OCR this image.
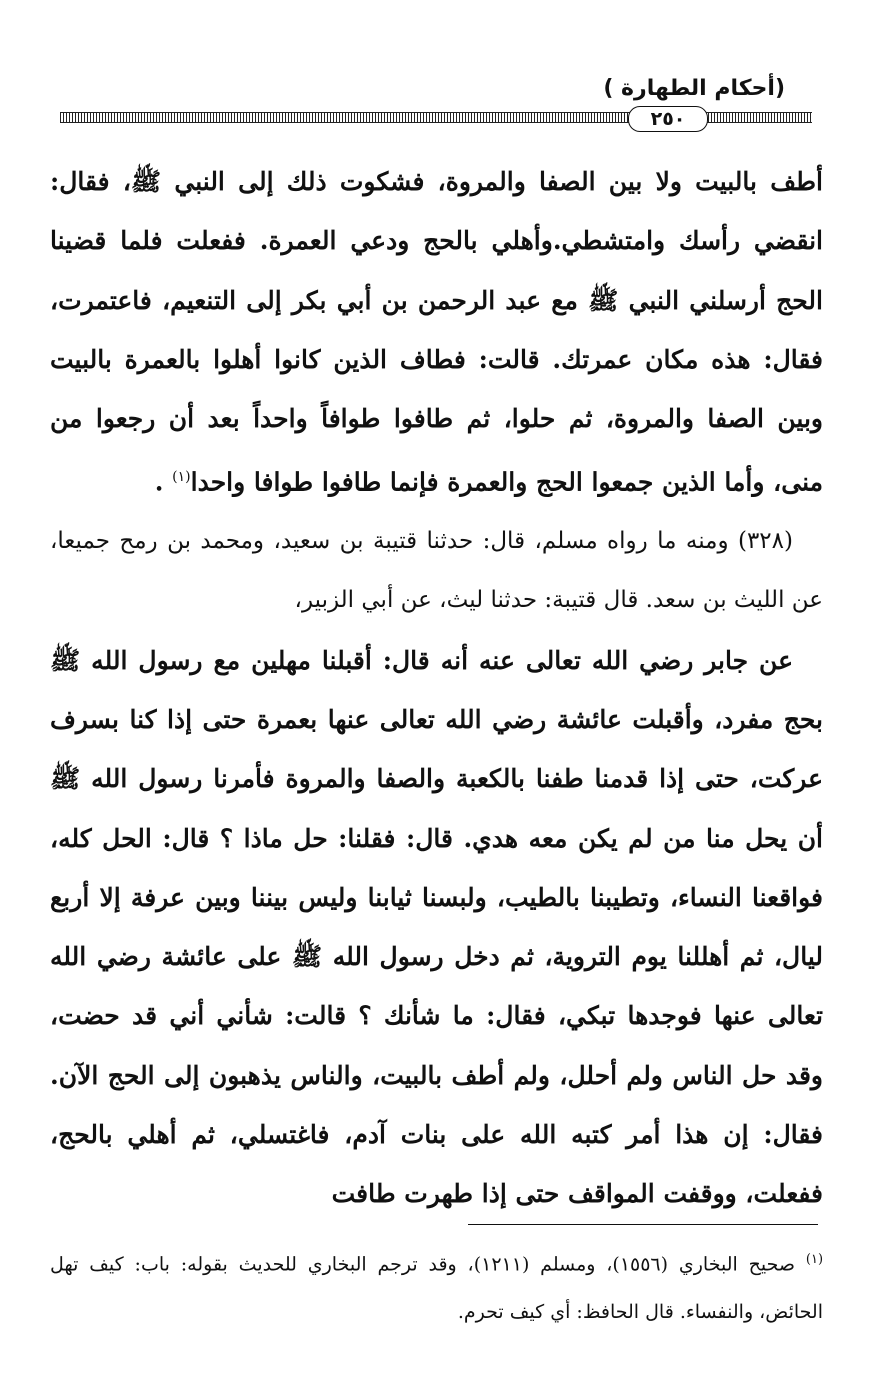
٢٥٠
(أحكام الطهارة )

أطف بالبيت ولا بين الصفا والمروة، فشكوت ذلك إلى النبي ﷺ، فقال: انقضي رأسك وامتشطي.وأهلي بالحج ودعي العمرة. ففعلت فلما قضينا الحج أرسلني النبي ﷺ مع عبد الرحمن بن أبي بكر إلى التنعيم، فاعتمرت، فقال: هذه مكان عمرتك. قالت: فطاف الذين كانوا أهلوا بالعمرة بالبيت وبين الصفا والمروة، ثم حلوا، ثم طافوا طوافاً واحداً بعد أن رجعوا من منى، وأما الذين جمعوا الحج والعمرة فإنما طافوا طوافا واحدا$^{(١)}$ .

(٣٢٨) ومنه ما رواه مسلم، قال: حدثنا قتيبة بن سعيد، ومحمد بن رمح جميعا، عن الليث بن سعد. قال قتيبة: حدثنا ليث، عن أبي الزبير،

عن جابر رضي الله تعالى عنه أنه قال: أقبلنا مهلين مع رسول الله ﷺ بحج مفرد، وأقبلت عائشة رضي الله تعالى عنها بعمرة حتى إذا كنا بسرف عركت، حتى إذا قدمنا طفنا بالكعبة والصفا والمروة فأمرنا رسول الله ﷺ أن يحل منا من لم يكن معه هدي. قال: فقلنا: حل ماذا ؟ قال: الحل كله، فواقعنا النساء، وتطيبنا بالطيب، ولبسنا ثيابنا وليس بيننا وبين عرفة إلا أربع ليال، ثم أهللنا يوم التروية، ثم دخل رسول الله ﷺ على عائشة رضي الله تعالى عنها فوجدها تبكي، فقال: ما شأنك ؟ قالت: شأني أني قد حضت، وقد حل الناس ولم أحلل، ولم أطف بالبيت، والناس يذهبون إلى الحج الآن. فقال: إن هذا أمر كتبه الله على بنات آدم، فاغتسلي، ثم أهلي بالحج، ففعلت، ووقفت المواقف حتى إذا طهرت طافت

$^{(١)}$ صحيح البخاري (١٥٥٦)، ومسلم (١٢١١)، وقد ترجم البخاري للحديث بقوله: باب: كيف تهل الحائض، والنفساء. قال الحافظ: أي كيف تحرم.
